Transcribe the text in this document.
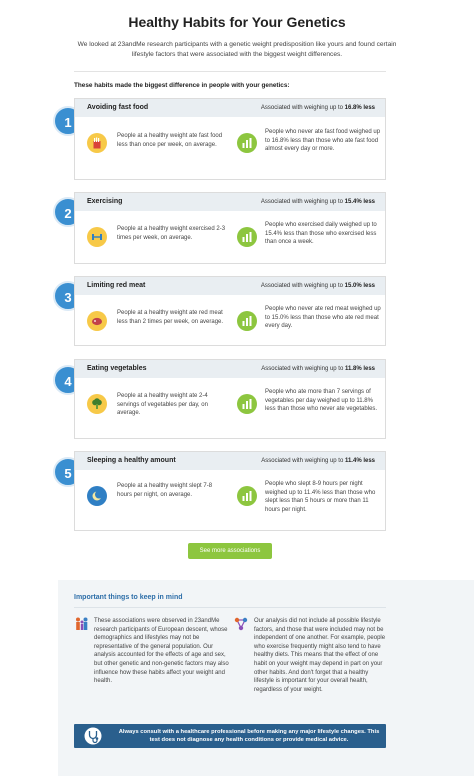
Healthy Habits for Your Genetics
We looked at 23andMe research participants with a genetic weight predisposition like yours and found certain lifestyle factors that were associated with the biggest weight differences.
These habits made the biggest difference in people with your genetics:
1
Avoiding fast food	Associated with weighing up to 16.8% less
People at a healthy weight ate fast food less than once per week, on average.
People who never ate fast food weighed up to 16.8% less than those who ate fast food almost every day or more.
2
Exercising	Associated with weighing up to 15.4% less
People at a healthy weight exercised 2-3 times per week, on average.
People who exercised daily weighed up to 15.4% less than those who exercised less than once a week.
3
Limiting red meat	Associated with weighing up to 15.0% less
People at a healthy weight ate red meat less than 2 times per week, on average.
People who never ate red meat weighed up to 15.0% less than those who ate red meat every day.
4
Eating vegetables	Associated with weighing up to 11.8% less
People at a healthy weight ate 2-4 servings of vegetables per day, on average.
People who ate more than 7 servings of vegetables per day weighed up to 11.8% less than those who never ate vegetables.
5
Sleeping a healthy amount	Associated with weighing up to 11.4% less
People at a healthy weight slept 7-8 hours per night, on average.
People who slept 8-9 hours per night weighed up to 11.4% less than those who slept less than 5 hours or more than 11 hours per night.
See more associations
Important things to keep in mind
These associations were observed in 23andMe research participants of European descent, whose demographics and lifestyles may not be representative of the general population. Our analysis accounted for the effects of age and sex, but other genetic and non-genetic factors may also influence how these habits affect your weight and health.
Our analysis did not include all possible lifestyle factors, and those that were included may not be independent of one another. For example, people who exercise frequently might also tend to have healthy diets. This means that the effect of one habit on your weight may depend in part on your other habits. And don't forget that a healthy lifestyle is important for your overall health, regardless of your weight.
Always consult with a healthcare professional before making any major lifestyle changes. This test does not diagnose any health conditions or provide medical advice.
